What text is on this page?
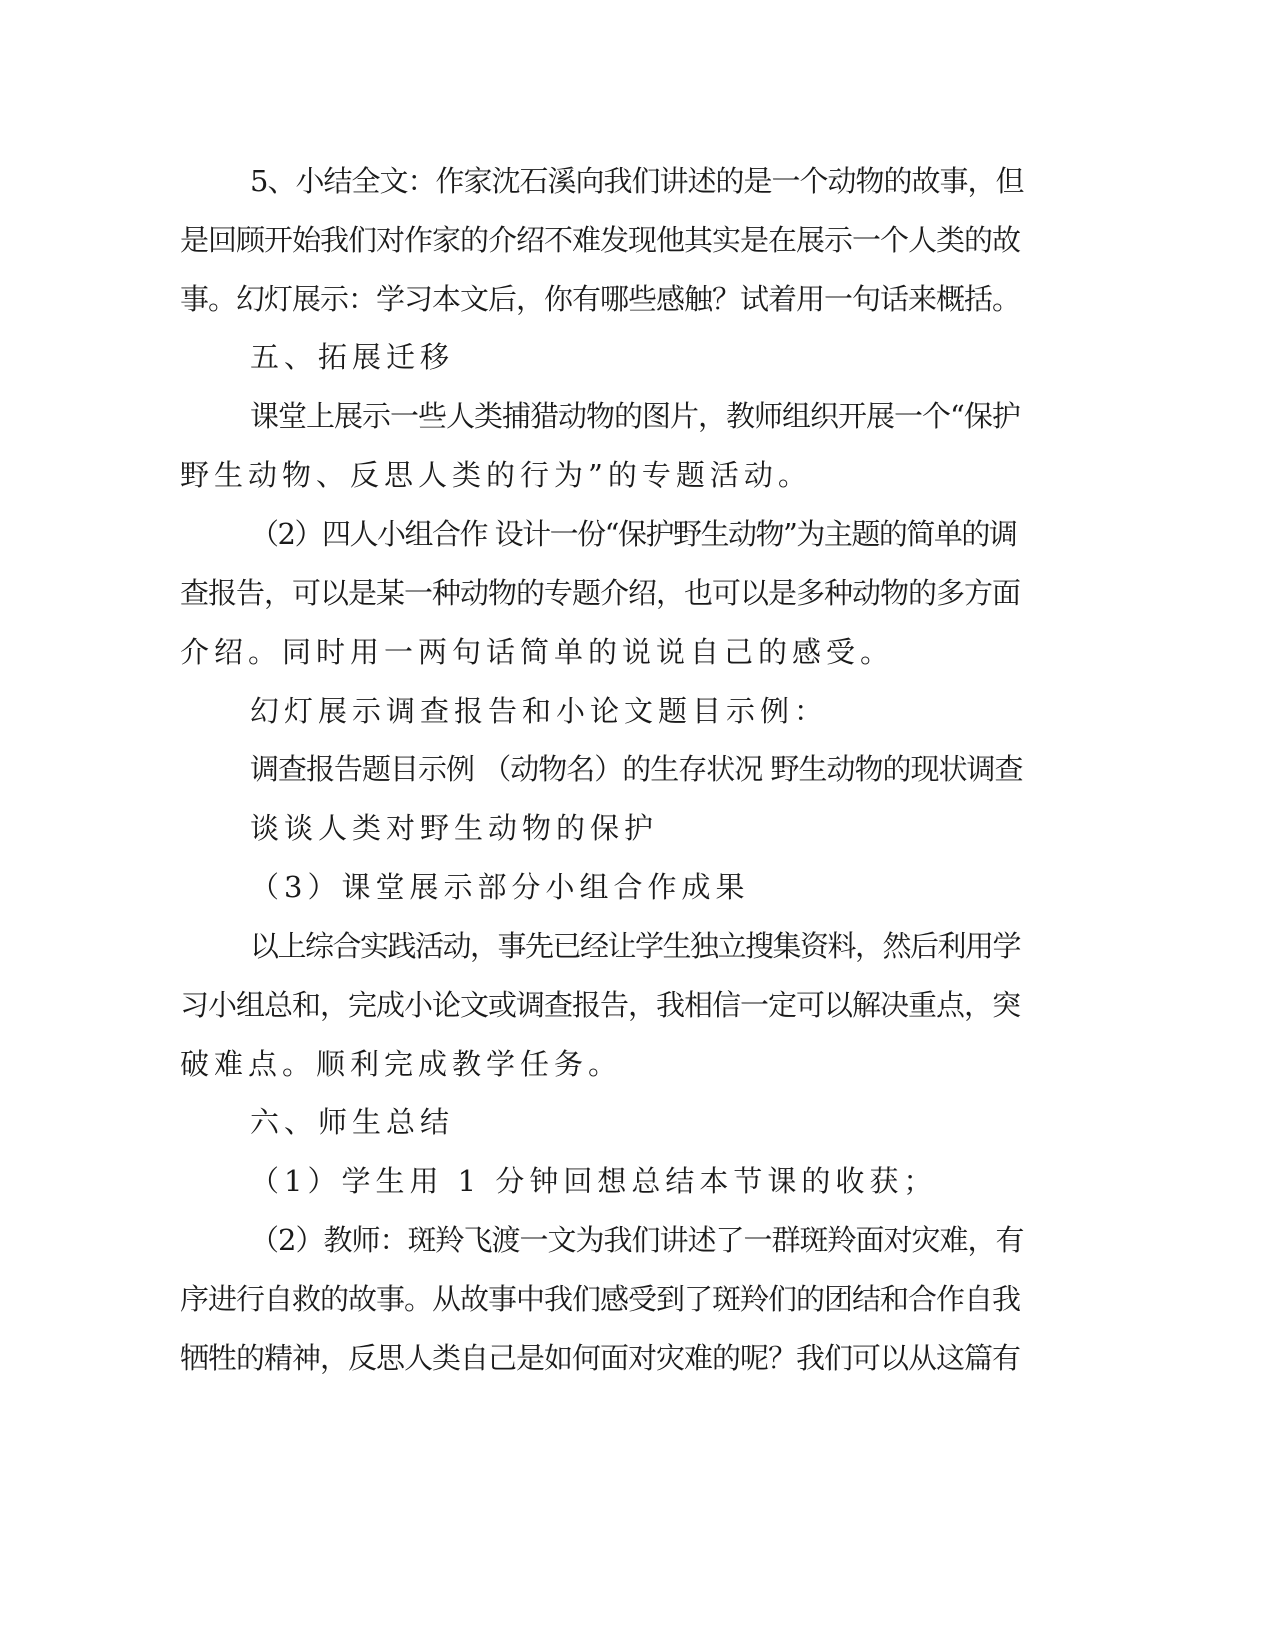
5、小结全文：作家沈石溪向我们讲述的是一个动物的故事，但
是回顾开始我们对作家的介绍不难发现他其实是在展示一个人类的故
事。幻灯展示：学习本文后，你有哪些感触？试着用一句话来概括。
五、拓展迁移
课堂上展示一些人类捕猎动物的图片，教师组织开展一个“保护
野生动物、反思人类的行为”的专题活动。
（2）四人小组合作 设计一份“保护野生动物”为主题的简单的调
查报告，可以是某一种动物的专题介绍，也可以是多种动物的多方面
介绍。同时用一两句话简单的说说自己的感受。
幻灯展示调查报告和小论文题目示例：
调查报告题目示例 （动物名）的生存状况 野生动物的现状调查
谈谈人类对野生动物的保护
（3）课堂展示部分小组合作成果
以上综合实践活动，事先已经让学生独立搜集资料，然后利用学
习小组总和，完成小论文或调查报告，我相信一定可以解决重点，突
破难点。顺利完成教学任务。
六、师生总结
（1）学生用 1 分钟回想总结本节课的收获；
（2）教师：斑羚飞渡一文为我们讲述了一群斑羚面对灾难，有
序进行自救的故事。从故事中我们感受到了斑羚们的团结和合作自我
牺牲的精神，反思人类自己是如何面对灾难的呢？我们可以从这篇有
